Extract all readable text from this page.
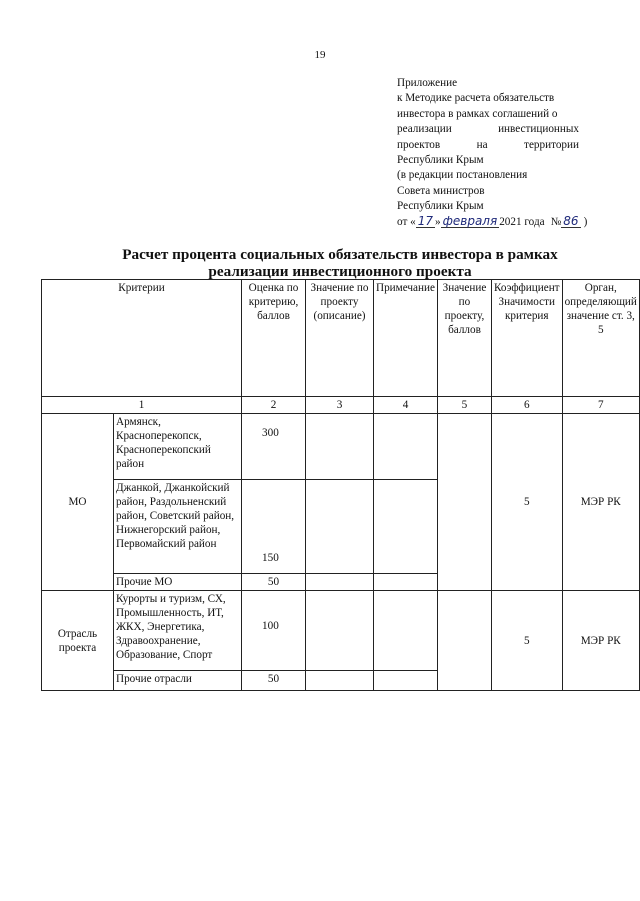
19
Приложение
к Методике расчета обязательств
инвестора в рамках соглашений о
реализации инвестиционных
проектов на территории
Республики Крым
(в редакции постановления
Совета министров
Республики Крым
от « 17 » февраля 2021 года № 86 )
Расчет процента социальных обязательств инвестора в рамках
реализации инвестиционного проекта
Критерии		Оценка по критерию, баллов	Значение по проекту (описание)	Примечание	Значение по проекту, баллов	Коэффициент Значимости критерия	Орган, определяющий значение ст. 3, 5
1		2	3	4	5	6	7
МО	Армянск, Красноперекопск, Красноперекопский район	300				5	МЭР РК
	Джанкой, Джанкойский район, Раздольненский район, Советский район, Нижнегорский район, Первомайский район	150					
	Прочие МО	50					
Отрасль проекта	Курорты и туризм, СХ, Промышленность, ИТ, ЖКХ, Энергетика, Здравоохранение, Образование, Спорт	100				5	МЭР РК
	Прочие отрасли	50					
